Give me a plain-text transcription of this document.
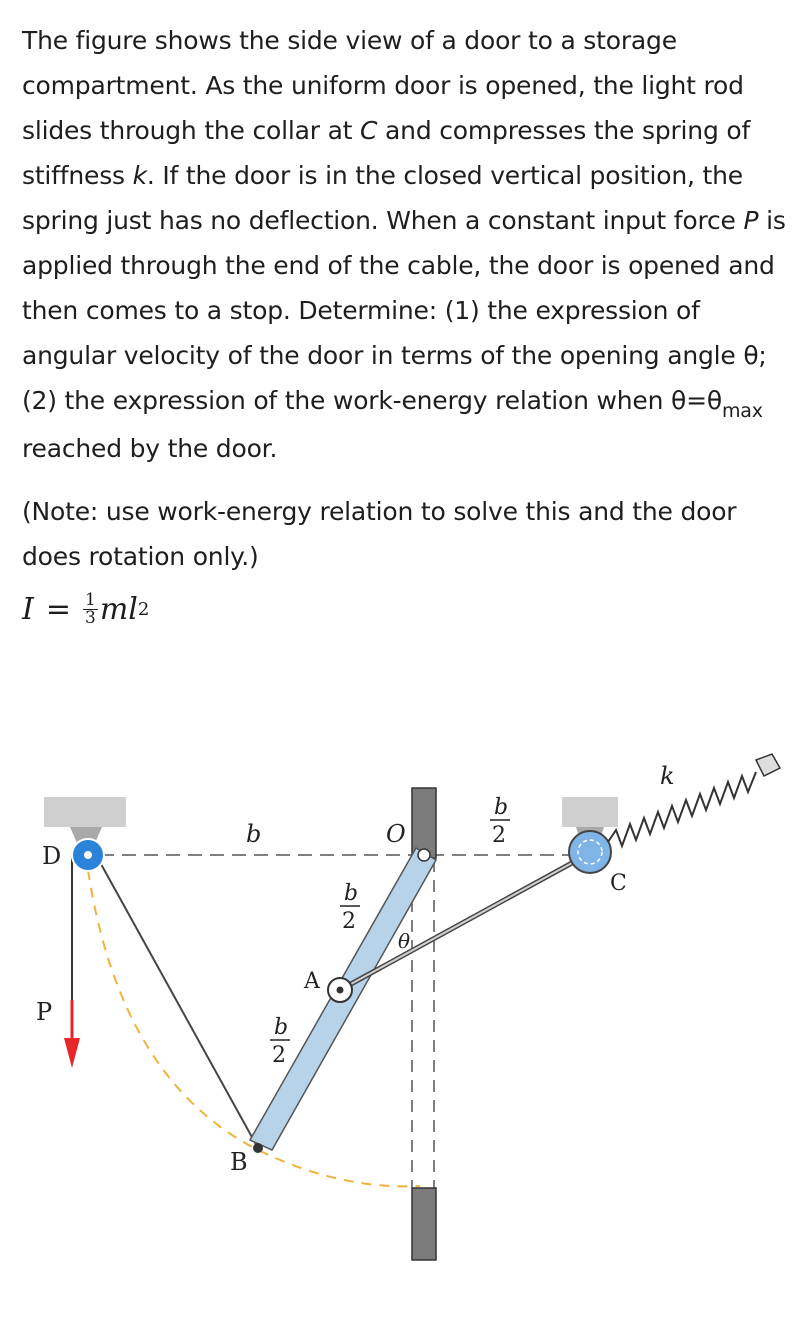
The figure shows the side view of a door to a storage compartment. As the uniform door is opened, the light rod slides through the collar at C and compresses the spring of stiffness k. If the door is in the closed vertical position, the spring just has no deflection. When a constant input force P is applied through the end of the cable, the door is opened and then comes to a stop. Determine: (1) the expression of angular velocity of the door in terms of the opening angle θ; (2) the expression of the work-energy relation when $\theta=\theta_{max}$ reached by the door.

(Note: use work-energy relation to solve this and the door does rotation only.)

$I = \frac{1}{3}$ ml 2
D
P
b	O
A
B
C
k
θ
b
2
b
2
b
2
